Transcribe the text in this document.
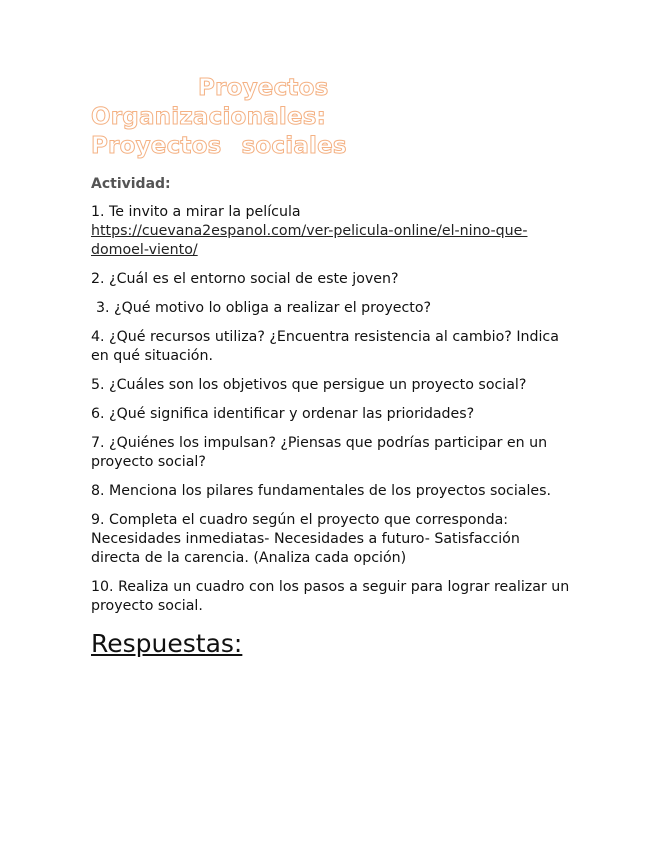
Proyectos
Organizacionales:
Proyectos sociales

Actividad:

1. Te invito a mirar la película
https://cuevana2espanol.com/ver-pelicula-online/el-nino-que-domoel-viento/

2. ¿Cuál es el entorno social de este joven?

3. ¿Qué motivo lo obliga a realizar el proyecto?

4. ¿Qué recursos utiliza? ¿Encuentra resistencia al cambio? Indica en qué situación.

5. ¿Cuáles son los objetivos que persigue un proyecto social?

6. ¿Qué significa identificar y ordenar las prioridades?

7. ¿Quiénes los impulsan? ¿Piensas que podrías participar en un proyecto social?

8. Menciona los pilares fundamentales de los proyectos sociales.

9. Completa el cuadro según el proyecto que corresponda: Necesidades inmediatas- Necesidades a futuro- Satisfacción directa de la carencia. (Analiza cada opción)

10. Realiza un cuadro con los pasos a seguir para lograr realizar un proyecto social.

Respuestas:
